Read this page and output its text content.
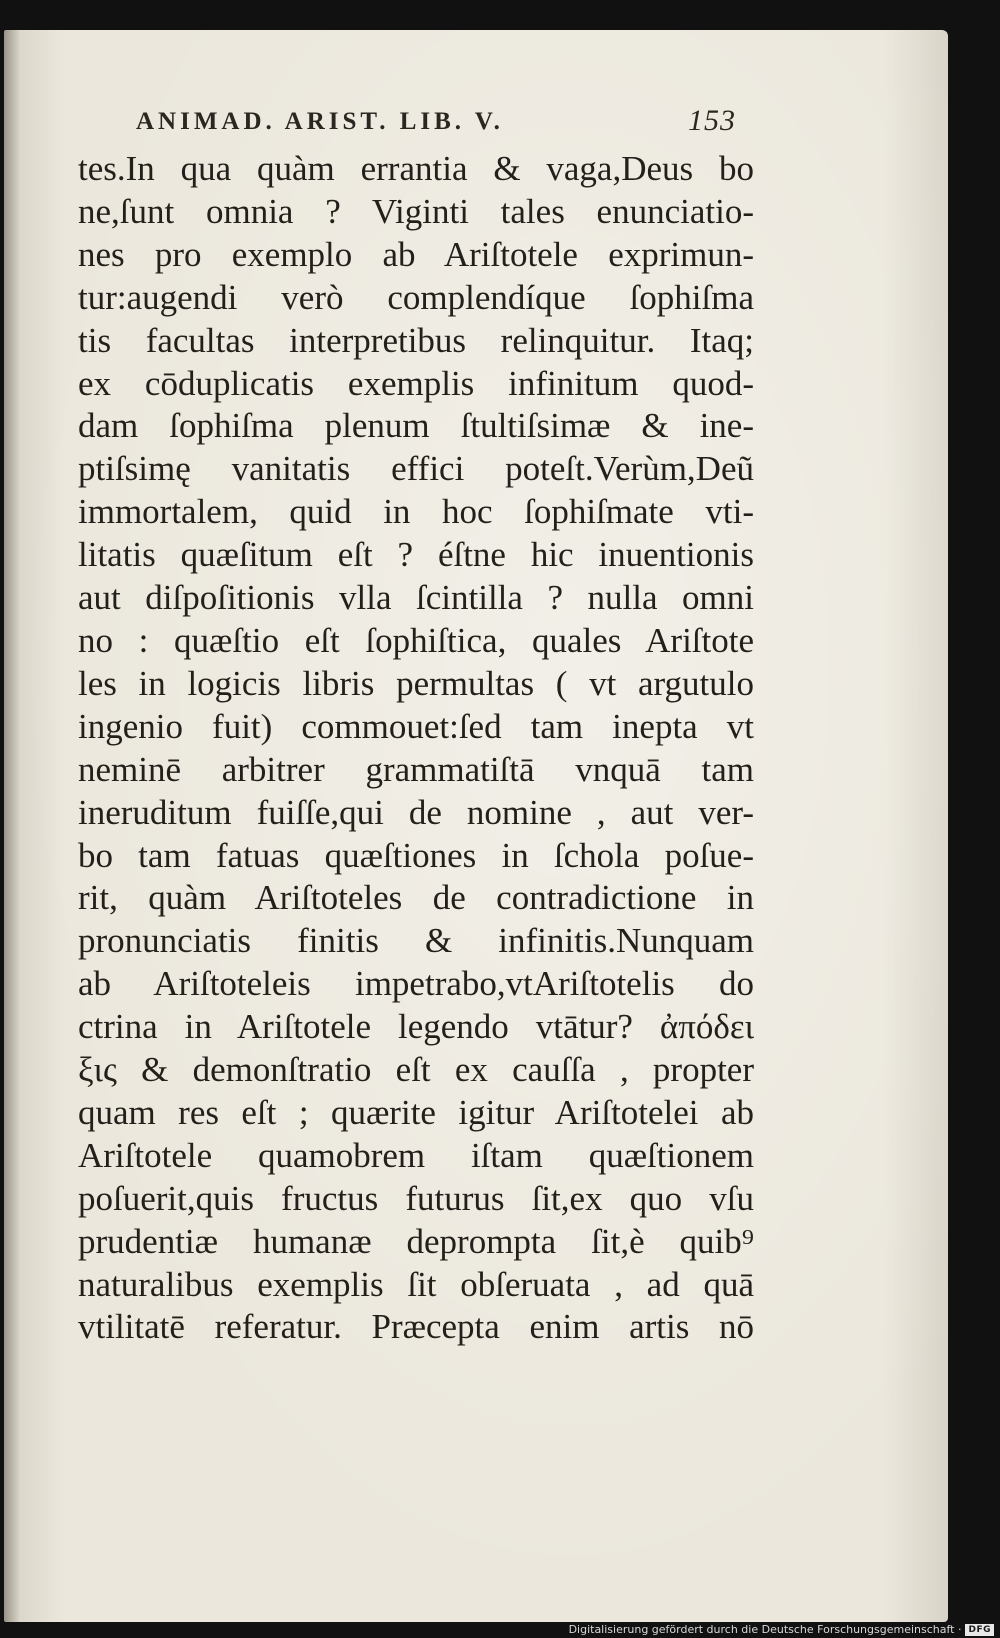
ANIMAD. ARIST. LIB. V.	153
tes.In qua quàm errantia & vaga,Deus bo
ne,ſunt omnia ? Viginti tales enunciatio-
nes pro exemplo ab Ariſtotele exprimun-
tur:augendi verò complendíque ſophiſma
tis facultas interpretibus relinquitur. Itaq;
ex cōduplicatis exemplis infinitum quod-
dam ſophiſma plenum ſtultiſsimæ & ine-
ptiſsimę vanitatis effici poteſt.Verùm,Deũ
immortalem, quid in hoc ſophiſmate vti-
litatis quæſitum eſt ? éſtne hic inuentionis
aut diſpoſitionis vlla ſcintilla ? nulla omni
no : quæſtio eſt ſophiſtica, quales Ariſtote
les in logicis libris permultas ( vt argutulo
ingenio fuit) commouet:ſed tam inepta vt
neminē arbitrer grammatiſtā vnquā tam
ineruditum fuiſſe,qui de nomine , aut ver-
bo tam fatuas quæſtiones in ſchola poſue-
rit, quàm Ariſtoteles de contradictione in
pronunciatis finitis & infinitis.Nunquam
ab Ariſtoteleis impetrabo,vtAriſtotelis do
ctrina in Ariſtotele legendo vtātur? ἀπόδει
ξις & demonſtratio eſt ex cauſſa , propter
quam res eſt ; quærite igitur Ariſtotelei ab
Ariſtotele quamobrem iſtam quæſtionem
poſuerit,quis fructus futurus ſit,ex quo vſu
prudentiæ humanæ deprompta ſit,è quib⁹
naturalibus exemplis ſit obſeruata , ad quā
vtilitatē referatur. Præcepta enim artis nō
Digitalisierung gefördert durch die Deutsche Forschungsgemeinschaft · DFG
